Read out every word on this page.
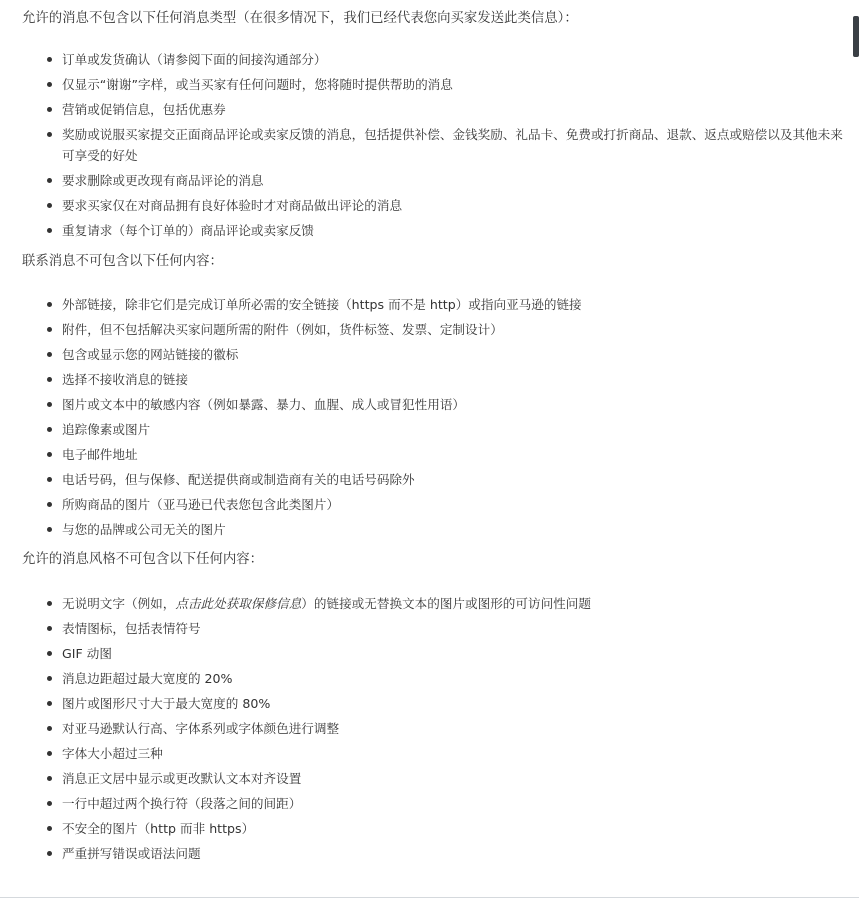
允许的消息不包含以下任何消息类型（在很多情况下，我们已经代表您向买家发送此类信息）：

订单或发货确认（请参阅下面的间接沟通部分）
仅显示“谢谢”字样，或当买家有任何问题时，您将随时提供帮助的消息
营销或促销信息，包括优惠券
奖励或说服买家提交正面商品评论或卖家反馈的消息，包括提供补偿、金钱奖励、礼品卡、免费或打折商品、退款、返点或赔偿以及其他未来可享受的好处
要求删除或更改现有商品评论的消息
要求买家仅在对商品拥有良好体验时才对商品做出评论的消息
重复请求（每个订单的）商品评论或卖家反馈

联系消息不可包含以下任何内容：

外部链接，除非它们是完成订单所必需的安全链接（https 而不是 http）或指向亚马逊的链接
附件，但不包括解决买家问题所需的附件（例如，货件标签、发票、定制设计）
包含或显示您的网站链接的徽标
选择不接收消息的链接
图片或文本中的敏感内容（例如暴露、暴力、血腥、成人或冒犯性用语）
追踪像素或图片
电子邮件地址
电话号码，但与保修、配送提供商或制造商有关的电话号码除外
所购商品的图片（亚马逊已代表您包含此类图片）
与您的品牌或公司无关的图片

允许的消息风格不可包含以下任何内容：

无说明文字（例如，点击此处获取保修信息）的链接或无替换文本的图片或图形的可访问性问题
表情图标，包括表情符号
GIF 动图
消息边距超过最大宽度的 20%
图片或图形尺寸大于最大宽度的 80%
对亚马逊默认行高、字体系列或字体颜色进行调整
字体大小超过三种
消息正文居中显示或更改默认文本对齐设置
一行中超过两个换行符（段落之间的间距）
不安全的图片（http 而非 https）
严重拼写错误或语法问题
